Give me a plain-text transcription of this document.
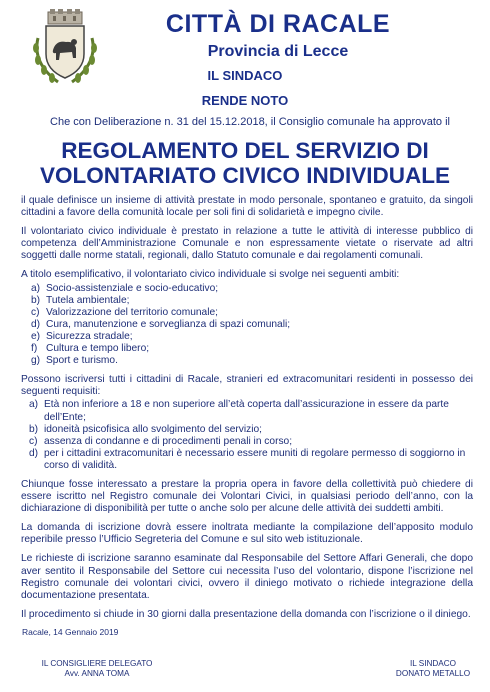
CITTÀ DI RACALE
Provincia di Lecce
IL SINDACO
RENDE NOTO
Che con Deliberazione n. 31 del 15.12.2018, il Consiglio comunale ha approvato il
REGOLAMENTO DEL SERVIZIO DI
VOLONTARIATO CIVICO INDIVIDUALE

il quale definisce un insieme di attività prestate in modo personale, spontaneo e gratuito, da singoli cittadini a favore della comunità locale per soli fini di solidarietà e impegno civile.

Il volontariato civico individuale è prestato in relazione a tutte le attività di interesse pubblico di competenza dell’Amministrazione Comunale e non espressamente vietate o riservate ad altri soggetti dalle norme statali, regionali, dallo Statuto comunale e dai regolamenti comunali.

A titolo esemplificativo, il volontariato civico individuale si svolge nei seguenti ambiti:

a) Socio-assistenziale e socio-educativo;
b) Tutela ambientale;
c) Valorizzazione del territorio comunale;
d) Cura, manutenzione e sorveglianza di spazi comunali;
e) Sicurezza stradale;
f) Cultura e tempo libero;
g) Sport e turismo.

Possono iscriversi tutti i cittadini di Racale, stranieri ed extracomunitari residenti in possesso dei seguenti requisiti:

a) Età non inferiore a 18 e non superiore all’età coperta dall’assicurazione in essere da parte dell’Ente;
b) idoneità psicofisica allo svolgimento del servizio;
c) assenza di condanne e di procedimenti penali in corso;
d) per i cittadini extracomunitari è necessario essere muniti di regolare permesso di soggiorno in corso di validità.

Chiunque fosse interessato a prestare la propria opera in favore della collettività può chiedere di essere iscritto nel Registro comunale dei Volontari Civici, in qualsiasi periodo dell’anno, con la dichiarazione di disponibilità per tutte o anche solo per alcune delle attività dei suddetti ambiti.

La domanda di iscrizione dovrà essere inoltrata mediante la compilazione dell’apposito modulo reperibile presso l’Ufficio Segreteria del Comune e sul sito web istituzionale.

Le richieste di iscrizione saranno esaminate dal Responsabile del Settore Affari Generali, che dopo aver sentito il Responsabile del Settore cui necessita l’uso del volontario, dispone l’iscrizione nel Registro comunale dei volontari civici, ovvero il diniego motivato o richiede integrazione della documentazione presentata.

Il procedimento si chiude in 30 giorni dalla presentazione della domanda con l’iscrizione o il diniego.

Racale, 14 Gennaio 2019
IL CONSIGLIERE DELEGATO
Avv. ANNA TOMA
IL SINDACO
DONATO METALLO
